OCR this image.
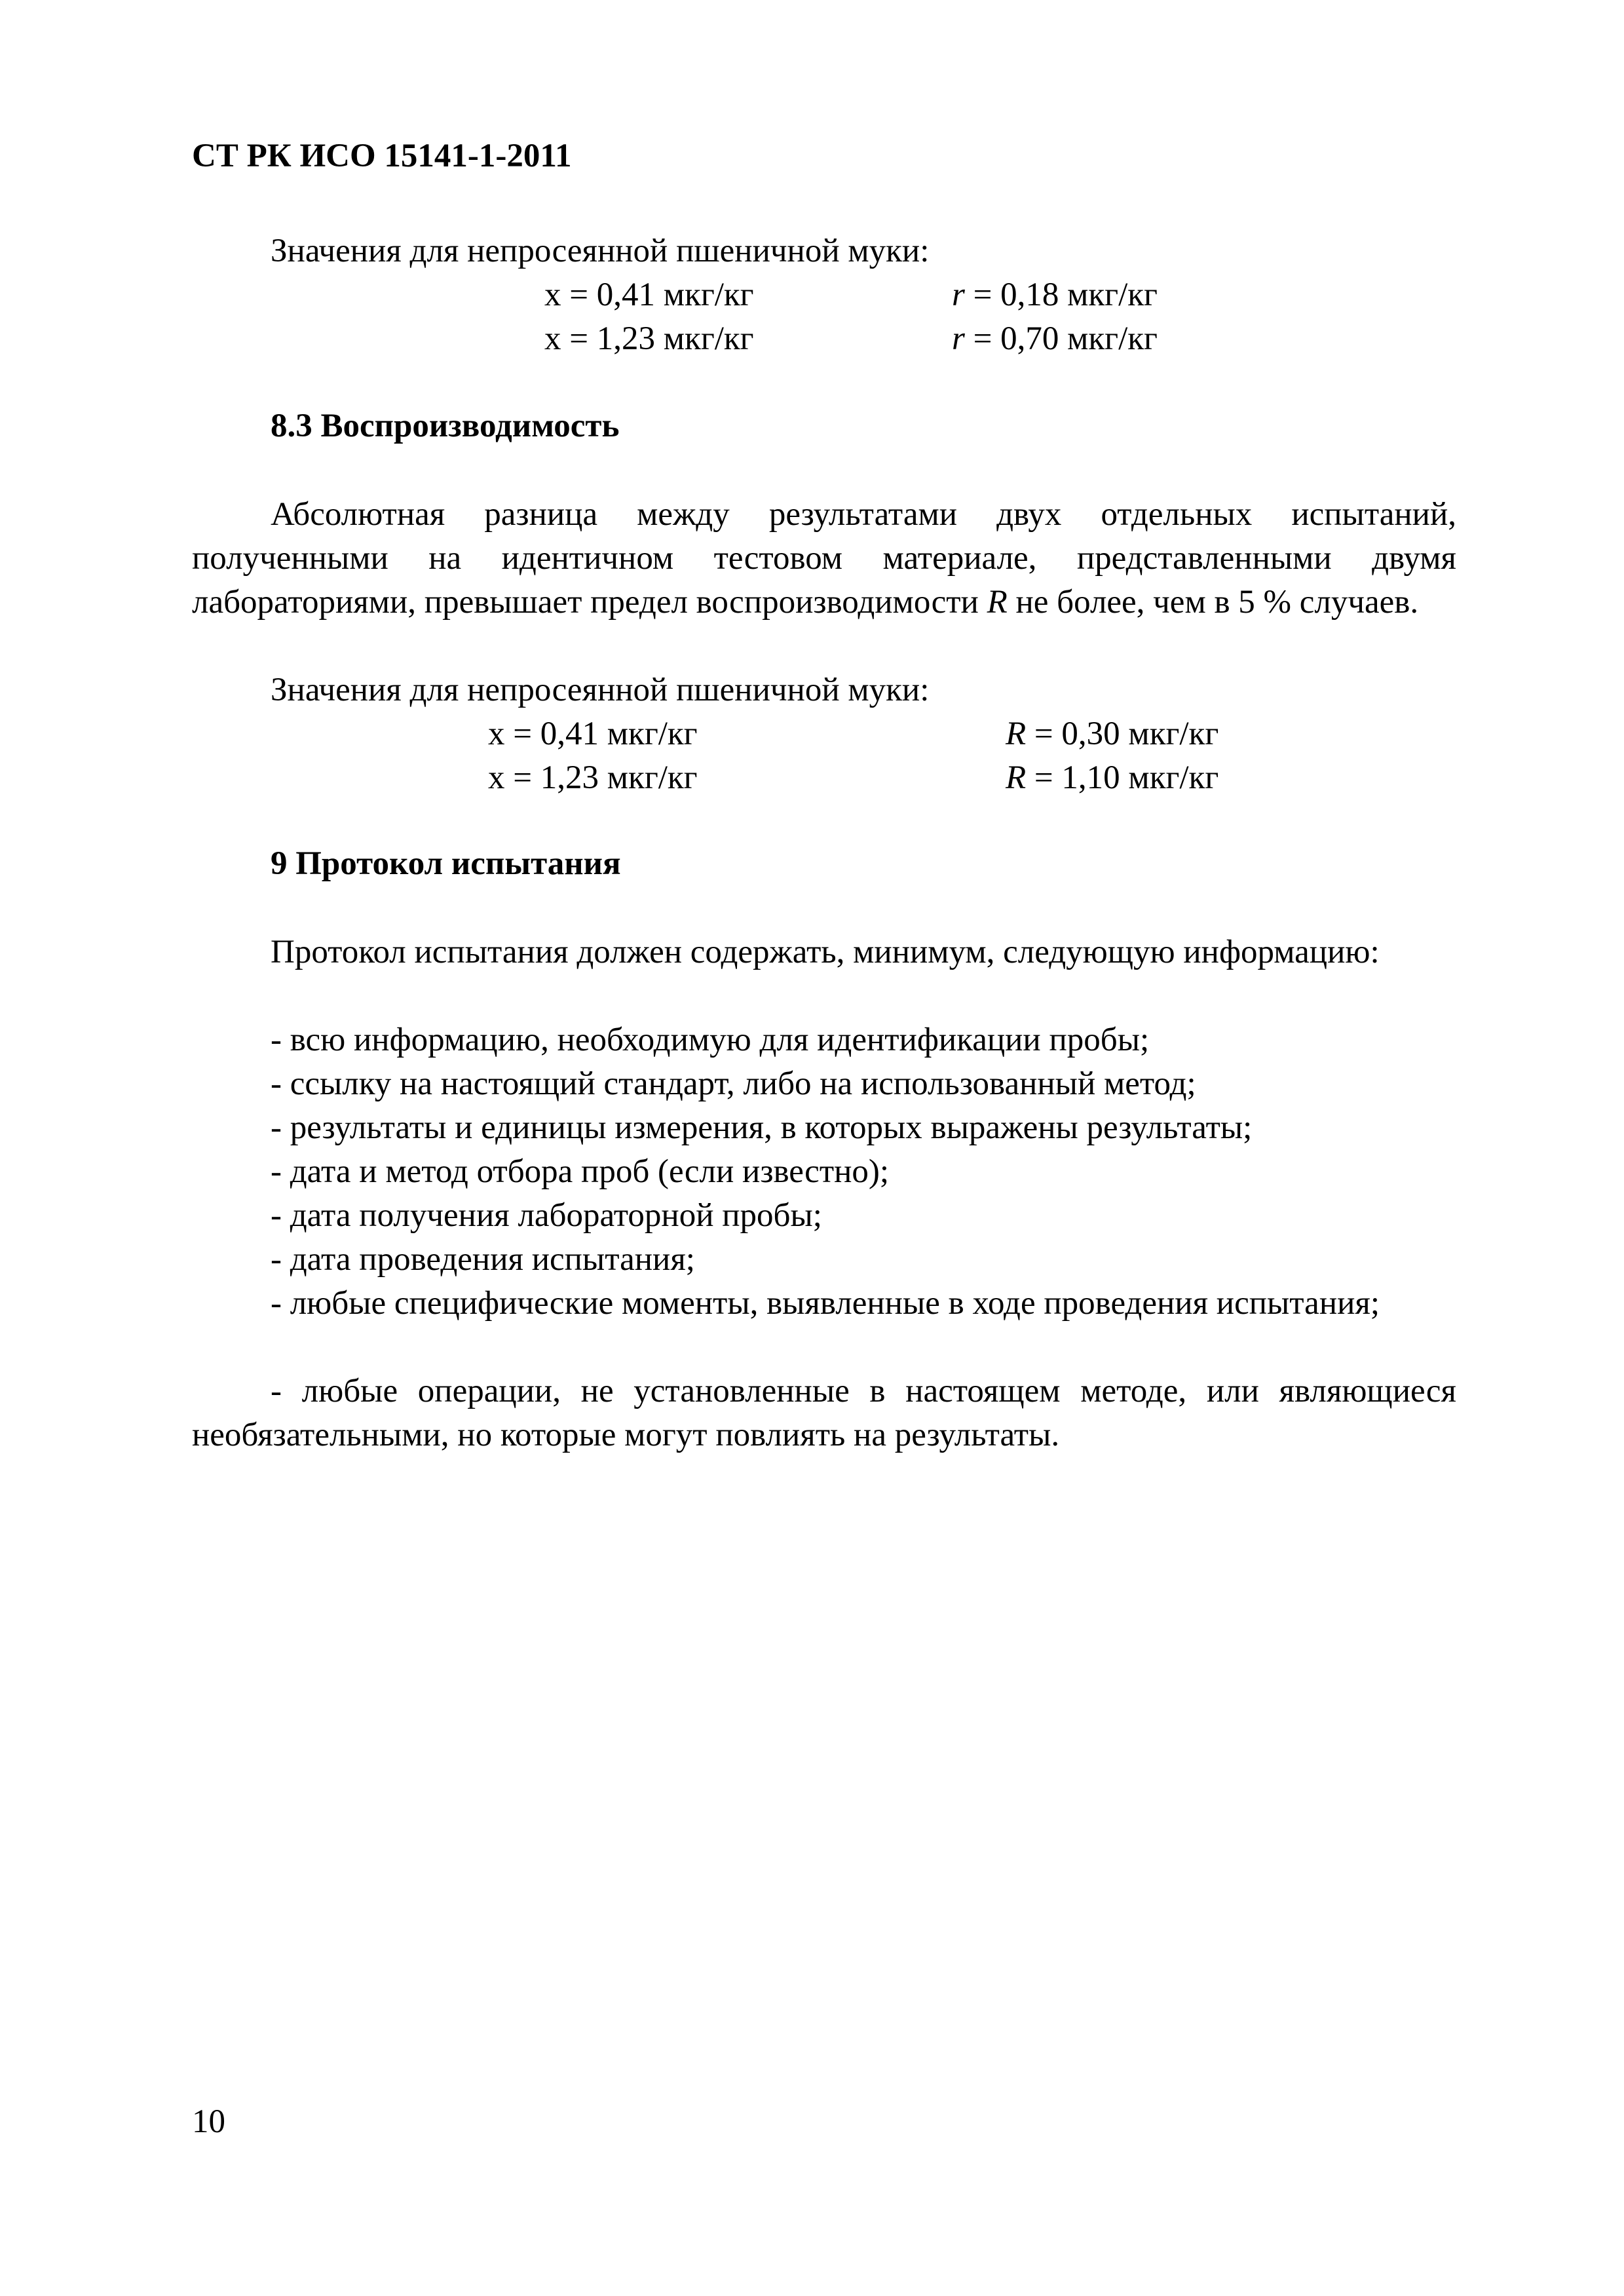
СТ РК ИСО 15141-1-2011

Значения для непросеянной пшеничной муки:

х = 0,41 мкг/кг	r = 0,18 мкг/кг
х = 1,23 мкг/кг	r = 0,70 мкг/кг

8.3 Воспроизводимость

Абсолютная разница между результатами двух отдельных испытаний, полученными на идентичном тестовом материале, представленными двумя лабораториями, превышает предел воспроизводимости R не более, чем в 5 % случаев.

Значения для непросеянной пшеничной муки:

х = 0,41 мкг/кг	R = 0,30 мкг/кг
х = 1,23 мкг/кг	R = 1,10 мкг/кг

9 Протокол испытания

Протокол испытания должен содержать, минимум, следующую информацию:

- всю информацию, необходимую для идентификации пробы;

- ссылку на настоящий стандарт, либо на использованный метод;

- результаты и единицы измерения, в которых выражены результаты;

- дата и метод отбора проб (если известно);

- дата получения лабораторной пробы;

- дата проведения испытания;

- любые специфические моменты, выявленные в ходе проведения испытания;

- любые операции, не установленные в настоящем методе, или являющиеся необязательными, но которые могут повлиять на результаты.

10
